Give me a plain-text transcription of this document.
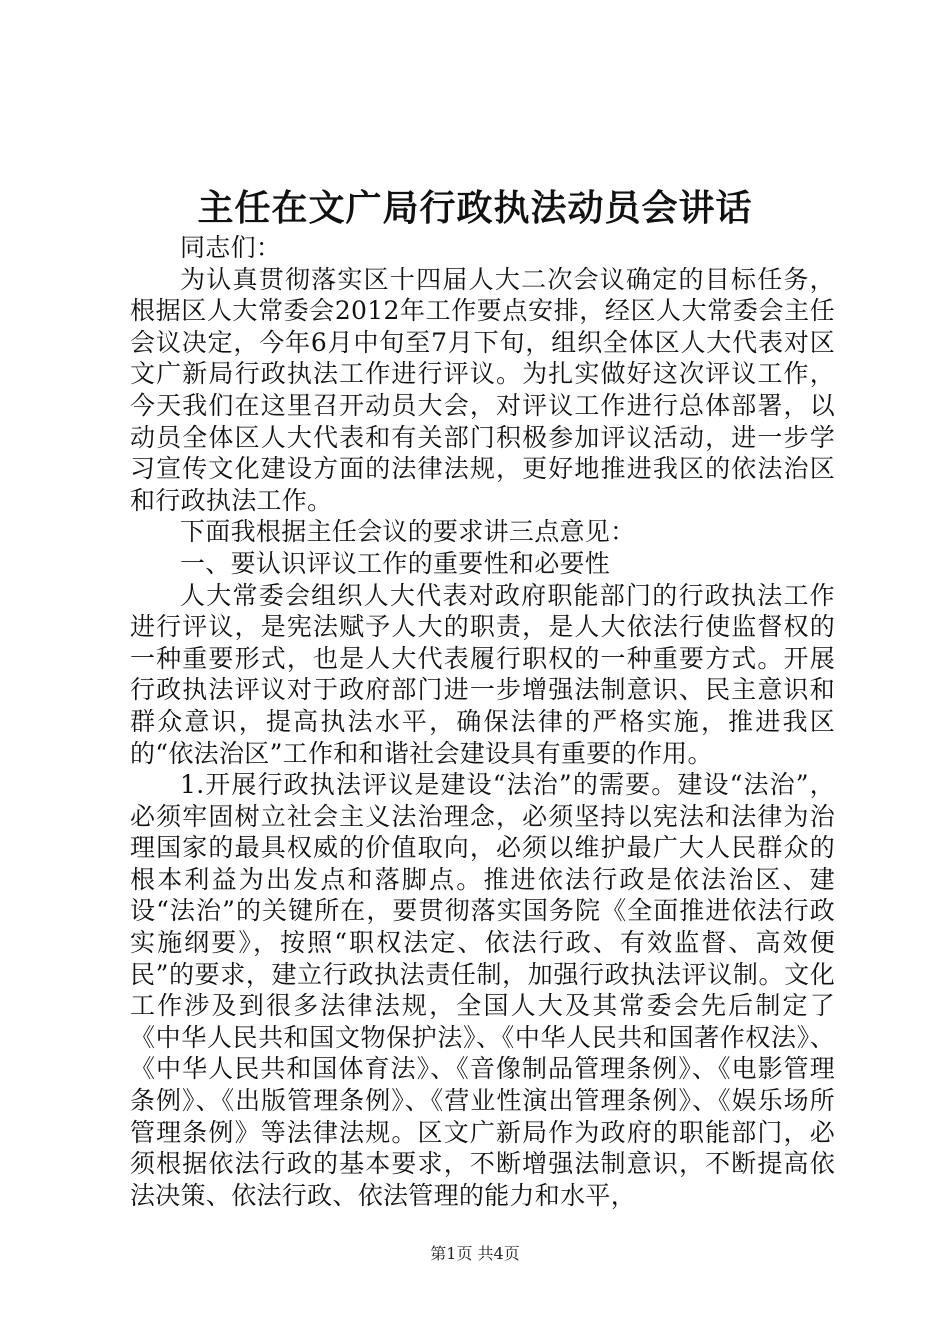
主任在文广局行政执法动员会讲话

同志们：

为认真贯彻落实区十四届人大二次会议确定的目标任务，根据区人大常委会2012年工作要点安排，经区人大常委会主任会议决定，今年6月中旬至7月下旬，组织全体区人大代表对区文广新局行政执法工作进行评议。为扎实做好这次评议工作，今天我们在这里召开动员大会，对评议工作进行总体部署，以动员全体区人大代表和有关部门积极参加评议活动，进一步学习宣传文化建设方面的法律法规，更好地推进我区的依法治区和行政执法工作。

下面我根据主任会议的要求讲三点意见：

一、要认识评议工作的重要性和必要性

人大常委会组织人大代表对政府职能部门的行政执法工作进行评议，是宪法赋予人大的职责，是人大依法行使监督权的一种重要形式，也是人大代表履行职权的一种重要方式。开展行政执法评议对于政府部门进一步增强法制意识、民主意识和群众意识，提高执法水平，确保法律的严格实施，推进我区的“依法治区”工作和和谐社会建设具有重要的作用。

1.开展行政执法评议是建设“法治”的需要。建设“法治”，必须牢固树立社会主义法治理念，必须坚持以宪法和法律为治理国家的最具权威的价值取向，必须以维护最广大人民群众的根本利益为出发点和落脚点。推进依法行政是依法治区、建设“法治”的关键所在，要贯彻落实国务院《全面推进依法行政实施纲要》，按照“职权法定、依法行政、有效监督、高效便民”的要求，建立行政执法责任制，加强行政执法评议制。文化工作涉及到很多法律法规，全国人大及其常委会先后制定了《中华人民共和国文物保护法》、《中华人民共和国著作权法》、《中华人民共和国体育法》、《音像制品管理条例》、《电影管理条例》、《出版管理条例》、《营业性演出管理条例》、《娱乐场所管理条例》等法律法规。区文广新局作为政府的职能部门，必须根据依法行政的基本要求，不断增强法制意识，不断提高依法决策、依法行政、依法管理的能力和水平，

第1页 共4页
